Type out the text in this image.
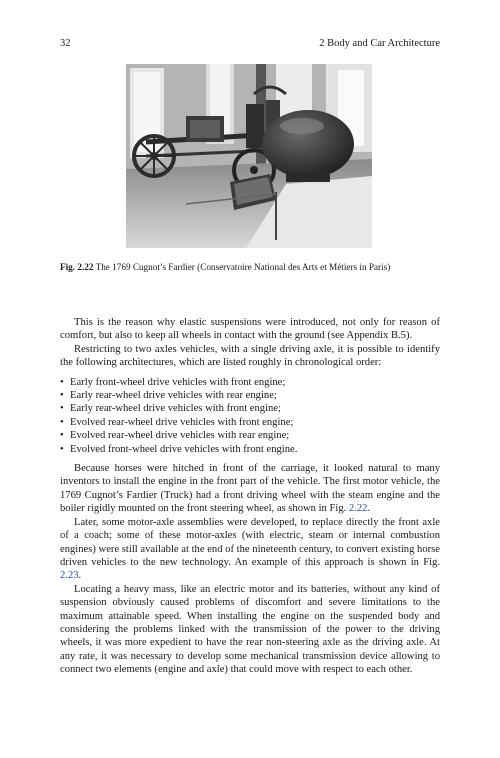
32	2 Body and Car Architecture
Fig. 2.22 The 1769 Cugnot’s Fardier (Conservatoire National des Arts et Métiers in Paris)

This is the reason why elastic suspensions were introduced, not only for reason of comfort, but also to keep all wheels in contact with the ground (see Appendix B.5).

Restricting to two axles vehicles, with a single driving axle, it is possible to identify the following architectures, which are listed roughly in chronological order:

• Early front-wheel drive vehicles with front engine;
• Early rear-wheel drive vehicles with rear engine;
• Early rear-wheel drive vehicles with front engine;
• Evolved rear-wheel drive vehicles with front engine;
• Evolved rear-wheel drive vehicles with rear engine;
• Evolved front-wheel drive vehicles with front engine.

Because horses were hitched in front of the carriage, it looked natural to many inventors to install the engine in the front part of the vehicle. The first motor vehicle, the 1769 Cugnot’s Fardier (Truck) had a front driving wheel with the steam engine and the boiler rigidly mounted on the front steering wheel, as shown in Fig. 2.22.

Later, some motor-axle assemblies were developed, to replace directly the front axle of a coach; some of these motor-axles (with electric, steam or internal combustion engines) were still available at the end of the nineteenth century, to convert existing horse driven vehicles to the new technology. An example of this approach is shown in Fig. 2.23.

Locating a heavy mass, like an electric motor and its batteries, without any kind of suspension obviously caused problems of discomfort and severe limitations to the maximum attainable speed. When installing the engine on the suspended body and considering the problems linked with the transmission of the power to the driving wheels, it was more expedient to have the rear non-steering axle as the driving axle. At any rate, it was necessary to develop some mechanical transmission device allowing to connect two elements (engine and axle) that could move with respect to each other.
